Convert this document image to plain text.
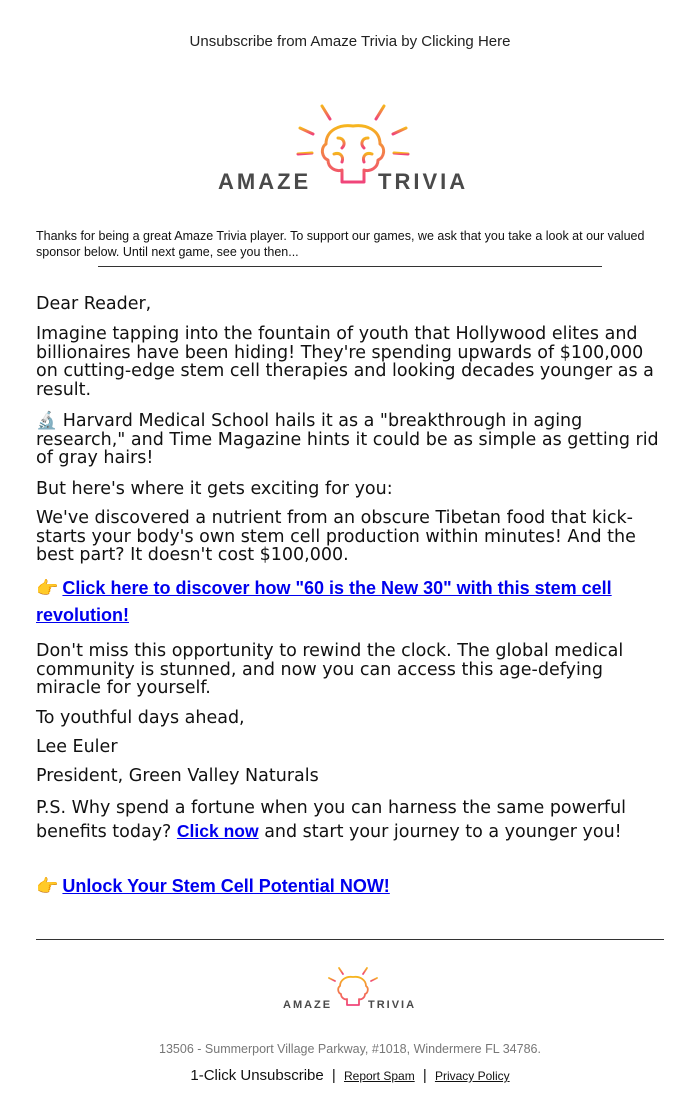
Unsubscribe from Amaze Trivia by Clicking Here
AMAZE	TRIVIA
Thanks for being a great Amaze Trivia player. To support our games, we ask that you take a look at our valued sponsor below. Until next game, see you then...

Dear Reader,

Imagine tapping into the fountain of youth that Hollywood elites and billionaires have been hiding! They're spending upwards of $100,000 on cutting-edge stem cell therapies and looking decades younger as a result.

🔬 Harvard Medical School hails it as a "breakthrough in aging research," and Time Magazine hints it could be as simple as getting rid of gray hairs!

But here's where it gets exciting for you:

We've discovered a nutrient from an obscure Tibetan food that kick-starts your body's own stem cell production within minutes! And the best part? It doesn't cost $100,000.

👉 Click here to discover how "60 is the New 30" with this stem cell revolution!

Don't miss this opportunity to rewind the clock. The global medical community is stunned, and now you can access this age-defying miracle for yourself.

To youthful days ahead,

Lee Euler

President, Green Valley Naturals

P.S. Why spend a fortune when you can harness the same powerful benefits today? Click now and start your journey to a younger you!

👉 Unlock Your Stem Cell Potential NOW!
AMAZE	TRIVIA
13506 - Summerport Village Parkway, #1018, Windermere FL 34786.
1-Click Unsubscribe | Report Spam | Privacy Policy
